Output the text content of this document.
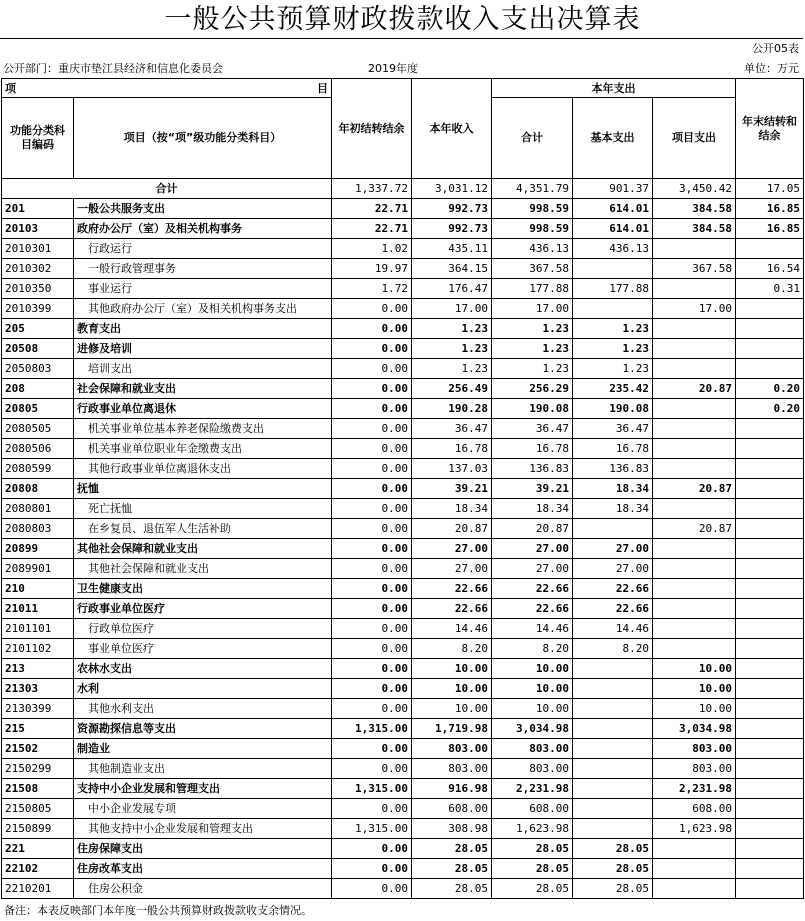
一般公共预算财政拨款收入支出决算表
公开05表
公开部门：重庆市垫江县经济和信息化委员会	2019年度	单位：万元
项 目		年初结转结余	本年收入	本年支出			年末结转和结余
功能分类科目编码	项目（按“项”级功能分类科目）			合计	基本支出	项目支出	
合计		1,337.72	3,031.12	4,351.79	901.37	3,450.42	17.05
201	一般公共服务支出	22.71	992.73	998.59	614.01	384.58	16.85
20103	政府办公厅（室）及相关机构事务	22.71	992.73	998.59	614.01	384.58	16.85
2010301	行政运行	1.02	435.11	436.13	436.13		
2010302	一般行政管理事务	19.97	364.15	367.58		367.58	16.54
2010350	事业运行	1.72	176.47	177.88	177.88		0.31
2010399	其他政府办公厅（室）及相关机构事务支出	0.00	17.00	17.00		17.00	
205	教育支出	0.00	1.23	1.23	1.23		
20508	进修及培训	0.00	1.23	1.23	1.23		
2050803	培训支出	0.00	1.23	1.23	1.23		
208	社会保障和就业支出	0.00	256.49	256.29	235.42	20.87	0.20
20805	行政事业单位离退休	0.00	190.28	190.08	190.08		0.20
2080505	机关事业单位基本养老保险缴费支出	0.00	36.47	36.47	36.47		
2080506	机关事业单位职业年金缴费支出	0.00	16.78	16.78	16.78		
2080599	其他行政事业单位离退休支出	0.00	137.03	136.83	136.83		
20808	抚恤	0.00	39.21	39.21	18.34	20.87	
2080801	死亡抚恤	0.00	18.34	18.34	18.34		
2080803	在乡复员、退伍军人生活补助	0.00	20.87	20.87		20.87	
20899	其他社会保障和就业支出	0.00	27.00	27.00	27.00		
2089901	其他社会保障和就业支出	0.00	27.00	27.00	27.00		
210	卫生健康支出	0.00	22.66	22.66	22.66		
21011	行政事业单位医疗	0.00	22.66	22.66	22.66		
2101101	行政单位医疗	0.00	14.46	14.46	14.46		
2101102	事业单位医疗	0.00	8.20	8.20	8.20		
213	农林水支出	0.00	10.00	10.00		10.00	
21303	水利	0.00	10.00	10.00		10.00	
2130399	其他水利支出	0.00	10.00	10.00		10.00	
215	资源勘探信息等支出	1,315.00	1,719.98	3,034.98		3,034.98	
21502	制造业	0.00	803.00	803.00		803.00	
2150299	其他制造业支出	0.00	803.00	803.00		803.00	
21508	支持中小企业发展和管理支出	1,315.00	916.98	2,231.98		2,231.98	
2150805	中小企业发展专项	0.00	608.00	608.00		608.00	
2150899	其他支持中小企业发展和管理支出	1,315.00	308.98	1,623.98		1,623.98	
221	住房保障支出	0.00	28.05	28.05	28.05		
22102	住房改革支出	0.00	28.05	28.05	28.05		
2210201	住房公积金	0.00	28.05	28.05	28.05		
备注：本表反映部门本年度一般公共预算财政拨款收支余情况。
